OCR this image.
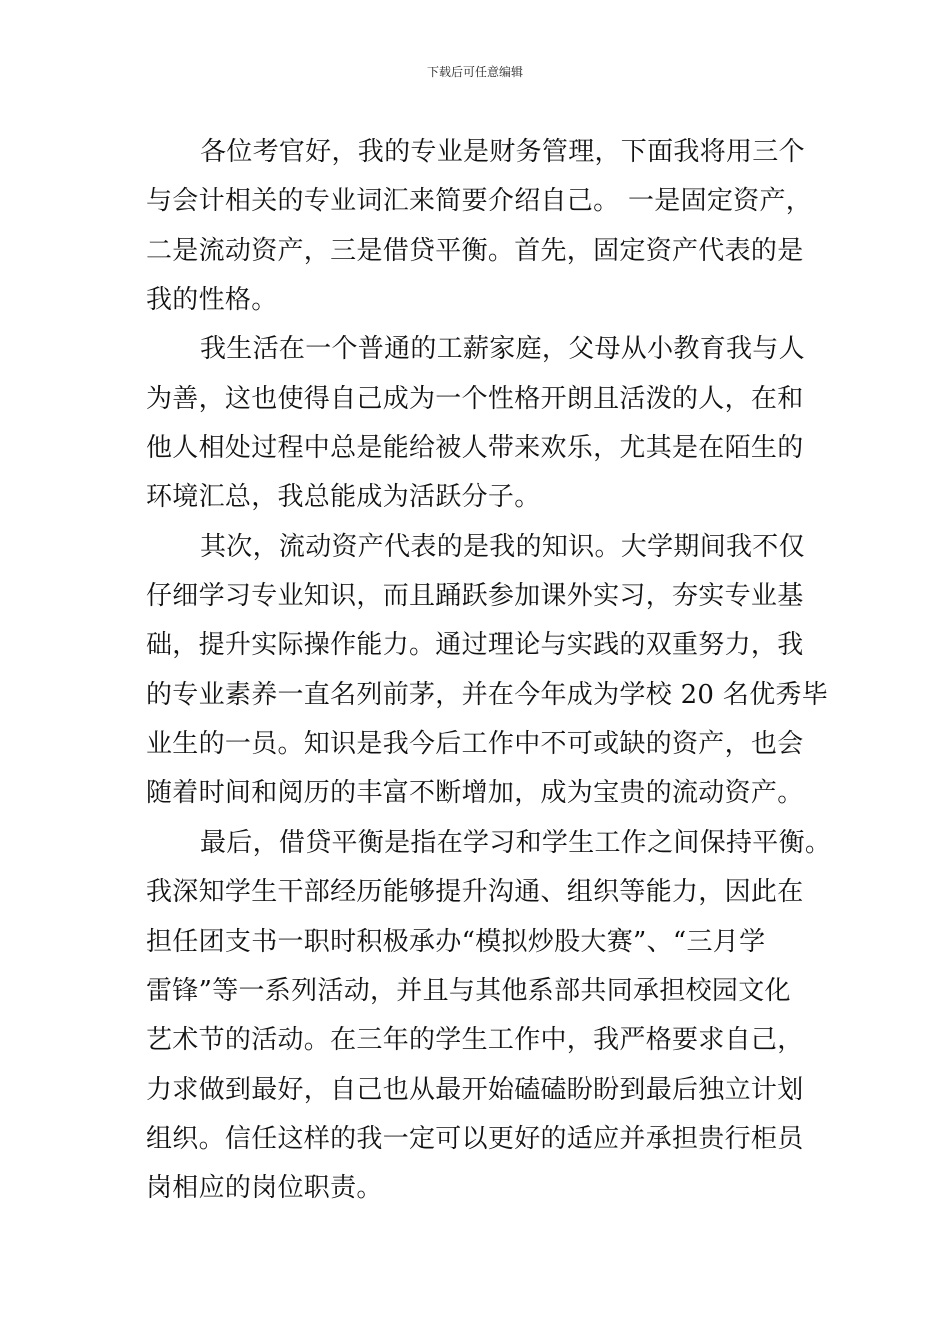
下载后可任意编辑
各位考官好，我的专业是财务管理，下面我将用三个
与会计相关的专业词汇来简要介绍自己。 一是固定资产，
二是流动资产，三是借贷平衡。首先，固定资产代表的是
我的性格。
我生活在一个普通的工薪家庭，父母从小教育我与人
为善，这也使得自己成为一个性格开朗且活泼的人，在和
他人相处过程中总是能给被人带来欢乐，尤其是在陌生的
环境汇总，我总能成为活跃分子。
其次，流动资产代表的是我的知识。大学期间我不仅
仔细学习专业知识，而且踊跃参加课外实习，夯实专业基
础，提升实际操作能力。通过理论与实践的双重努力，我
的专业素养一直名列前茅，并在今年成为学校 20 名优秀毕
业生的一员。知识是我今后工作中不可或缺的资产，也会
随着时间和阅历的丰富不断增加，成为宝贵的流动资产。
最后，借贷平衡是指在学习和学生工作之间保持平衡。
我深知学生干部经历能够提升沟通、组织等能力，因此在
担任团支书一职时积极承办“模拟炒股大赛”、“三月学
雷锋”等一系列活动，并且与其他系部共同承担校园文化
艺术节的活动。在三年的学生工作中，我严格要求自己，
力求做到最好，自己也从最开始磕磕盼盼到最后独立计划
组织。信任这样的我一定可以更好的适应并承担贵行柜员
岗相应的岗位职责。
